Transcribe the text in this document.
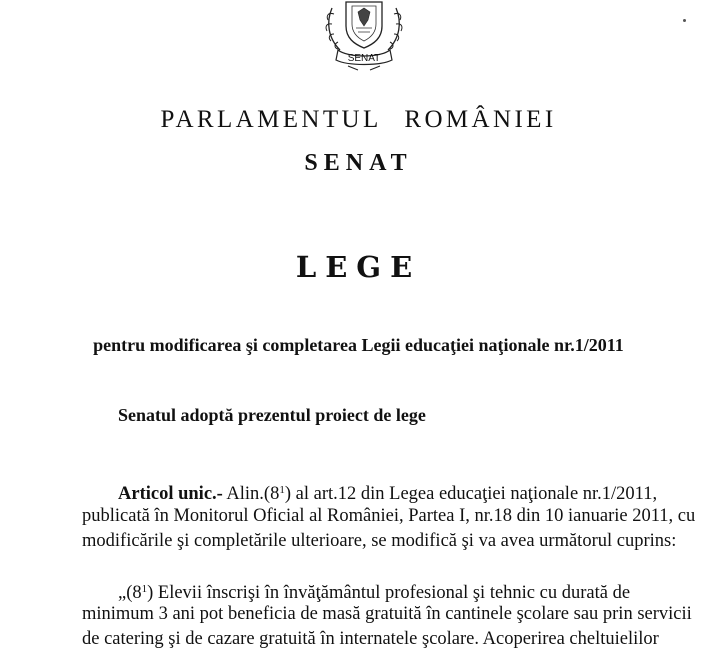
SENAT
PARLAMENTUL ROMÂNIEI
SENAT
LEGE
pentru modificarea şi completarea Legii educaţiei naţionale nr.1/2011
Senatul adoptă prezentul proiect de lege
Articol unic.- $Alin.(8^1)$ al art.12 din Legea educaţiei naţionale nr.1/2011,
publicată în Monitorul Oficial al României, Partea I, nr.18 din 10 ianuarie 2011, cu
modificările şi completările ulterioare, se modifică şi va avea următorul cuprins:
$„(8^1)$ Elevii înscrişi în învăţământul profesional şi tehnic cu durată de
minimum 3 ani pot beneficia de masă gratuită în cantinele şcolare sau prin servicii
de catering şi de cazare gratuită în internatele şcolare. Acoperirea cheltuielilor
